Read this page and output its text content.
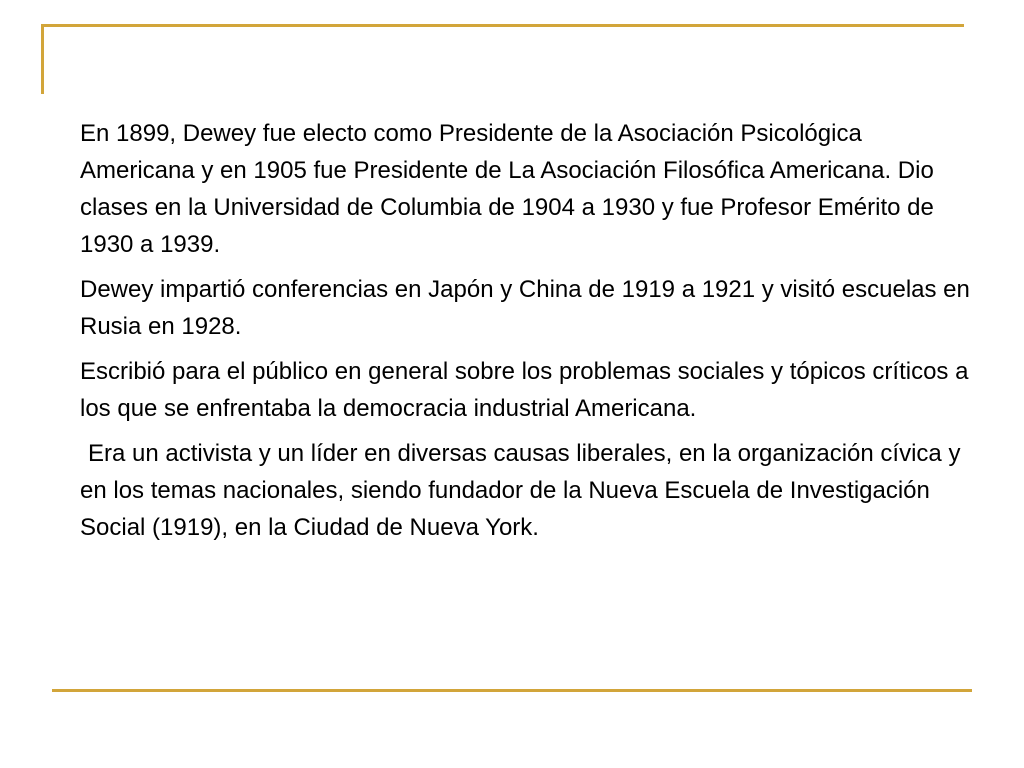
En 1899, Dewey fue electo como Presidente de la Asociación Psicológica Americana y en 1905 fue Presidente de La Asociación Filosófica Americana. Dio clases en la Universidad de Columbia de 1904 a 1930 y fue Profesor Emérito de 1930 a 1939.

Dewey impartió conferencias en Japón y China de 1919 a 1921 y visitó escuelas en Rusia en 1928.

Escribió para el público en general sobre los problemas sociales y tópicos críticos a los que se enfrentaba la democracia industrial Americana.

Era un activista y un líder en diversas causas liberales, en la organización cívica y en los temas nacionales, siendo fundador de la Nueva Escuela de Investigación Social (1919), en la Ciudad de Nueva York.
